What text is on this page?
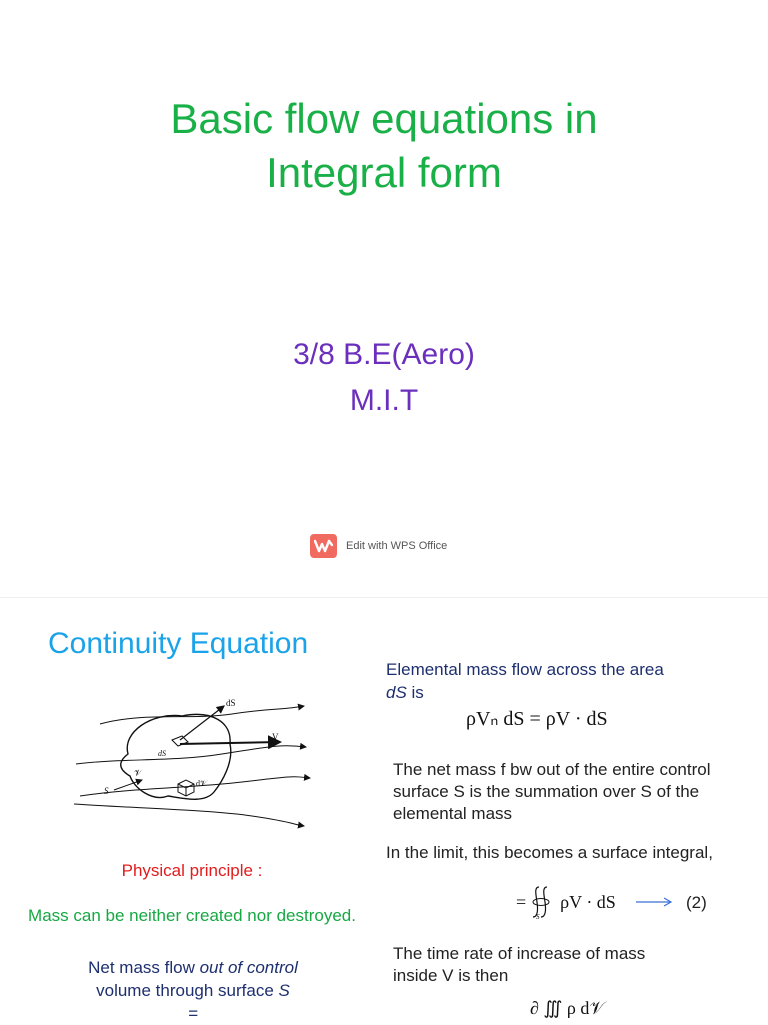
Basic flow equations in
Integral form
3/8 B.E(Aero)
M.I.T
Edit with WPS Office
Continuity Equation
dS
V
S
dS
𝒱
d𝒱
Physical principle :
Mass can be neither created nor destroyed.
Net mass flow out of control
volume through surface S
=
Elemental mass flow across the area
dS is
ρVₙ dS = ρV · dS
The net mass f bw out of the entire control surface S is the summation over S of the elemental mass
In the limit, this becomes a surface integral,
=
S
ρV · dS	(2)
The time rate of increase of mass inside V is then
∂ ∭ ρ d𝒱
